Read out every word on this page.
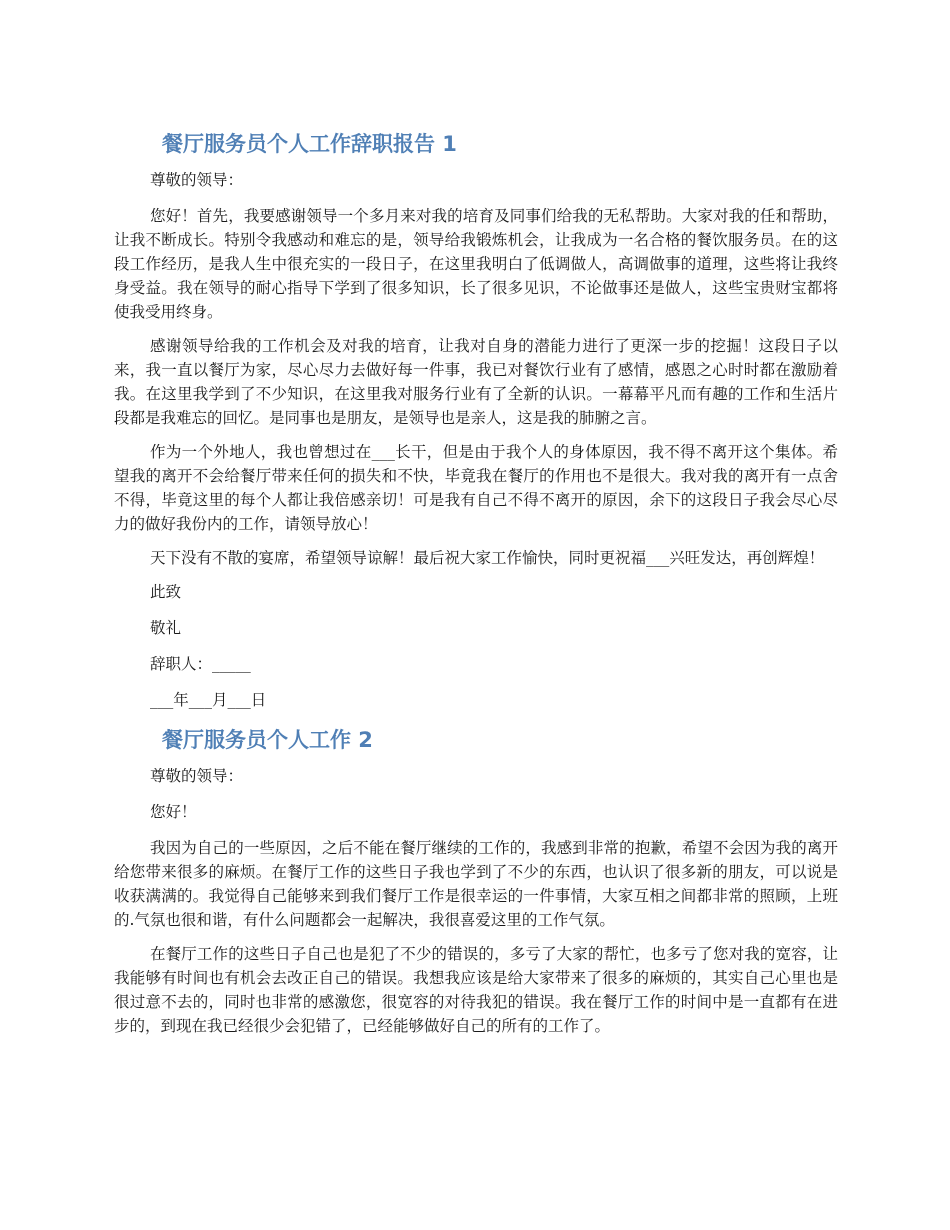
餐厅服务员个人工作辞职报告 1

尊敬的领导：

您好！首先，我要感谢领导一个多月来对我的培育及同事们给我的无私帮助。大家对我的任和帮助，让我不断成长。特别令我感动和难忘的是，领导给我锻炼机会，让我成为一名合格的餐饮服务员。在的这段工作经历，是我人生中很充实的一段日子，在这里我明白了低调做人，高调做事的道理，这些将让我终身受益。我在领导的耐心指导下学到了很多知识，长了很多见识，不论做事还是做人，这些宝贵财宝都将使我受用终身。

感谢领导给我的工作机会及对我的培育，让我对自身的潜能力进行了更深一步的挖掘！这段日子以来，我一直以餐厅为家，尽心尽力去做好每一件事，我已对餐饮行业有了感情，感恩之心时时都在激励着我。在这里我学到了不少知识，在这里我对服务行业有了全新的认识。一幕幕平凡而有趣的工作和生活片段都是我难忘的回忆。是同事也是朋友，是领导也是亲人，这是我的肺腑之言。

作为一个外地人，我也曾想过在___长干，但是由于我个人的身体原因，我不得不离开这个集体。希望我的离开不会给餐厅带来任何的损失和不快，毕竟我在餐厅的作用也不是很大。我对我的离开有一点舍不得，毕竟这里的每个人都让我倍感亲切！可是我有自己不得不离开的原因，余下的这段日子我会尽心尽力的做好我份内的工作，请领导放心！

天下没有不散的宴席，希望领导谅解！最后祝大家工作愉快，同时更祝福___兴旺发达，再创辉煌！

此致

敬礼

辞职人：_____

___年___月___日

餐厅服务员个人工作 2

尊敬的领导：

您好！

我因为自己的一些原因，之后不能在餐厅继续的工作的，我感到非常的抱歉，希望不会因为我的离开给您带来很多的麻烦。在餐厅工作的这些日子我也学到了不少的东西，也认识了很多新的朋友，可以说是收获满满的。我觉得自己能够来到我们餐厅工作是很幸运的一件事情，大家互相之间都非常的照顾，上班的.气氛也很和谐，有什么问题都会一起解决，我很喜爱这里的工作气氛。

在餐厅工作的这些日子自己也是犯了不少的错误的，多亏了大家的帮忙，也多亏了您对我的宽容，让我能够有时间也有机会去改正自己的错误。我想我应该是给大家带来了很多的麻烦的，其实自己心里也是很过意不去的，同时也非常的感激您，很宽容的对待我犯的错误。我在餐厅工作的时间中是一直都有在进步的，到现在我已经很少会犯错了，已经能够做好自己的所有的工作了。
